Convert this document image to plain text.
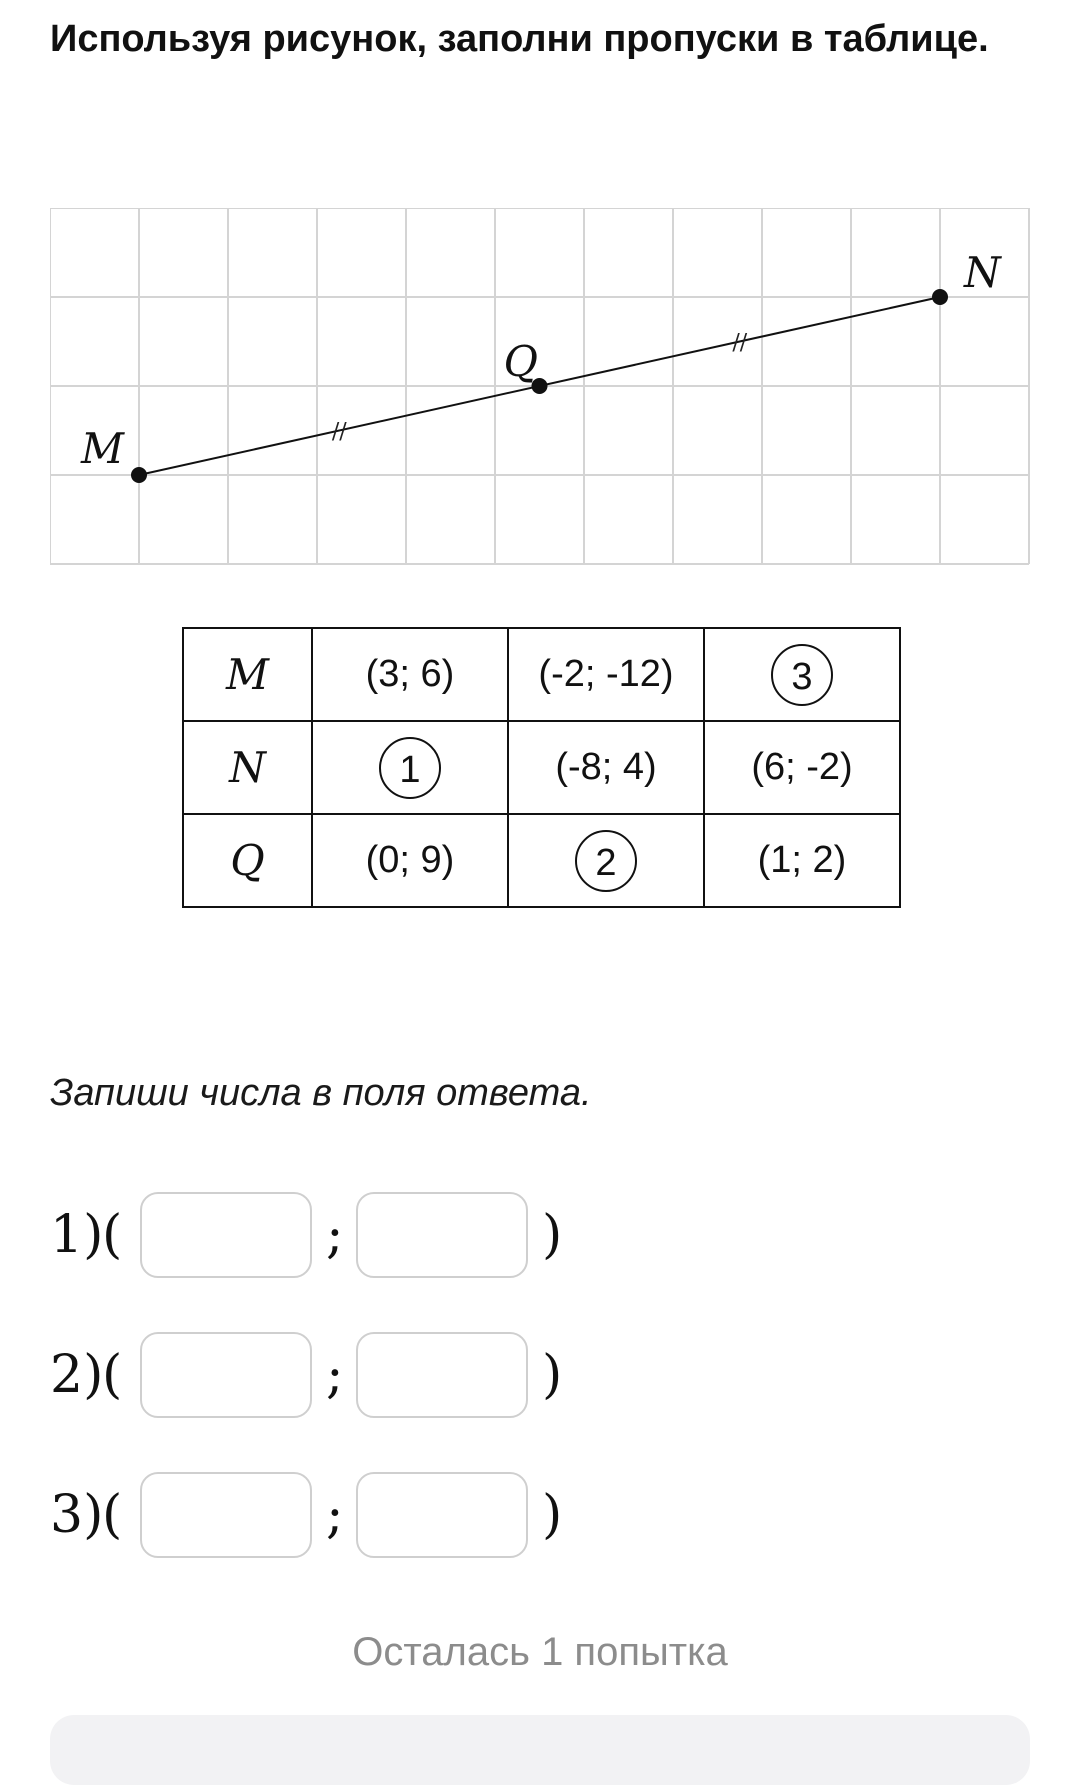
Используя рисунок, заполни пропуски в таблице.
//
//
M
Q
N
M	(3; 6)	(-2; -12)	3
N	1	(-8; 4)	(6; -2)
Q	(0; 9)	2	(1; 2)
Запиши числа в поля ответа.
1)
(	;	)
2)
(	;	)
3)
(	;	)
Осталась 1 попытка
